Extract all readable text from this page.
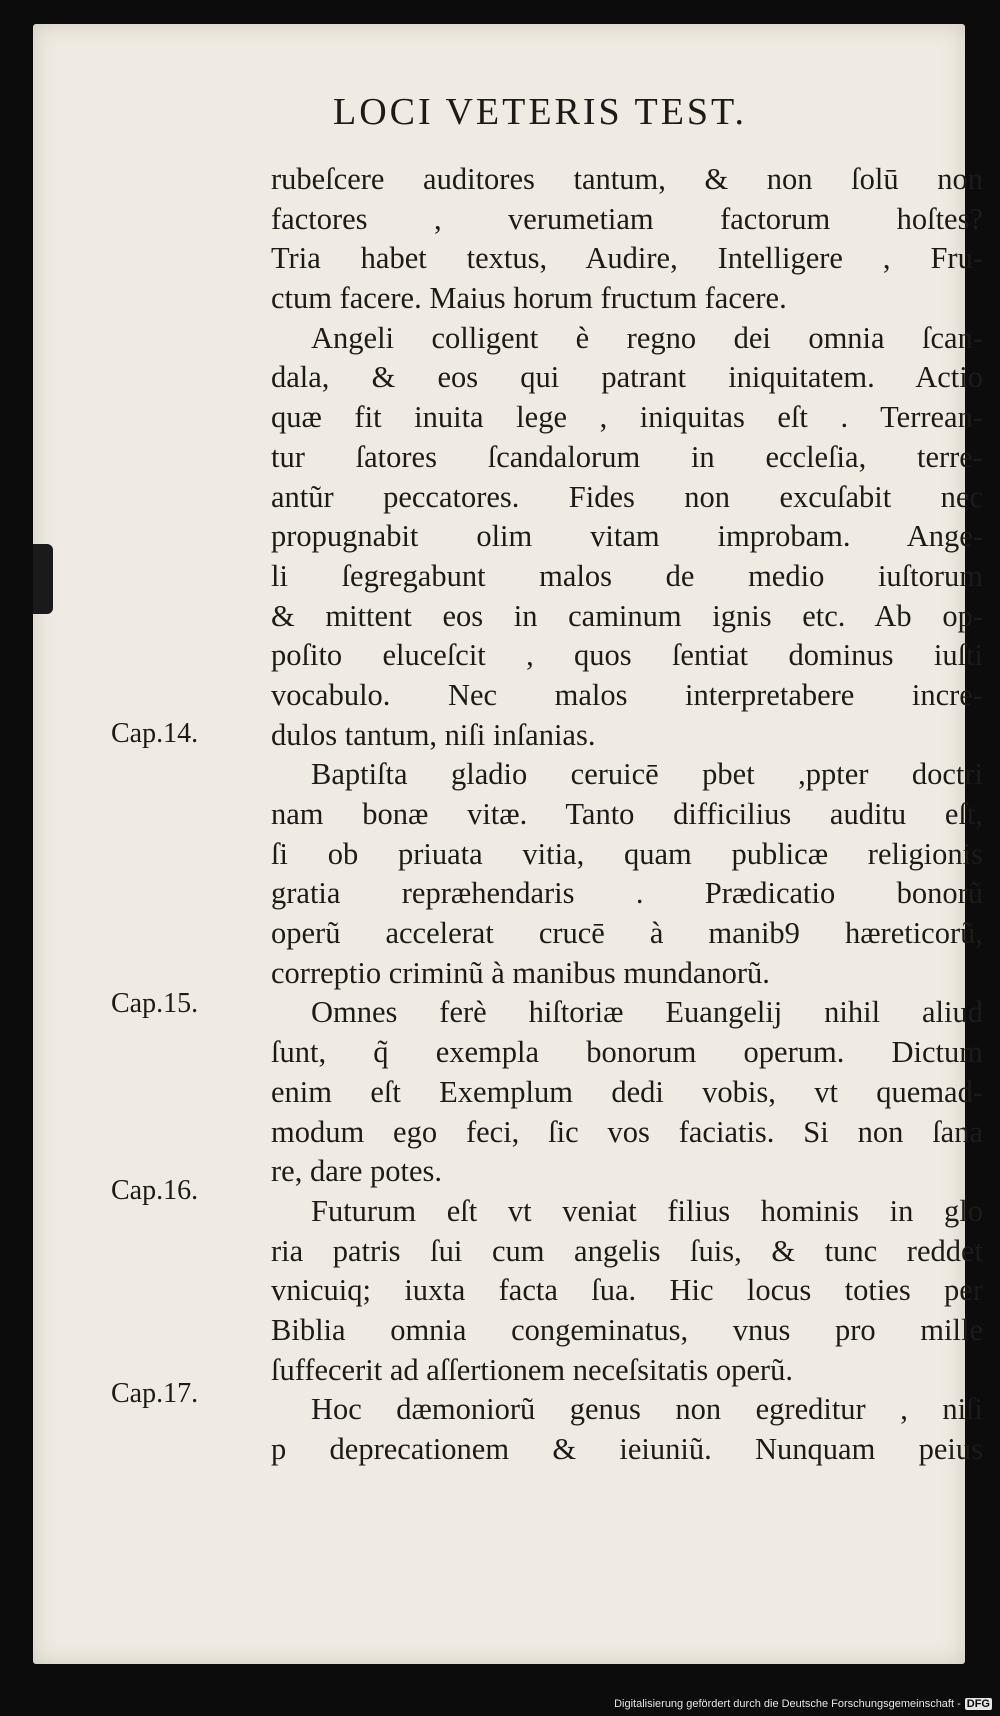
LOCI VETERIS TEST.
rubeſcere auditores tantum, & non ſolū non
factores , verumetiam factorum hoſtes?
Tria habet textus, Audire, Intelligere , Fru-
ctum facere. Maius horum fructum facere.
Angeli colligent è regno dei omnia ſcan-
dala, & eos qui patrant iniquitatem. Actio
quæ fit inuita lege , iniquitas eſt . Terrean-
tur ſatores ſcandalorum in eccleſia, terre-
antũr peccatores. Fides non excuſabit nec
propugnabit olim vitam improbam. Ange-
li ſegregabunt malos de medio iuſtorum
& mittent eos in caminum ignis etc. Ab op-
poſito eluceſcit , quos ſentiat dominus iuſti
vocabulo. Nec malos interpretabere incre-
dulos tantum, niſi inſanias.
Baptiſta gladio ceruicē pbet ,ppter doctri
nam bonæ vitæ. Tanto difficilius auditu eſt,
ſi ob priuata vitia, quam publicæ religionis
gratia repræhendaris . Prædicatio bonorũ
operũ accelerat crucē à manib9 hæreticorũ,
correptio criminũ à manibus mundanorũ.
Omnes ferè hiſtoriæ Euangelij nihil aliud
ſunt, q̃ exempla bonorum operum. Dictum
enim eſt Exemplum dedi vobis, vt quemad-
modum ego feci, ſic vos faciatis. Si non ſana
re, dare potes.
Futurum eſt vt veniat filius hominis in glo
ria patris ſui cum angelis ſuis, & tunc reddet
vnicuiq; iuxta facta ſua. Hic locus toties per
Biblia omnia congeminatus, vnus pro mille
ſuffecerit ad aſſertionem neceſsitatis operũ.
Hoc dæmoniorũ genus non egreditur , niſi
p deprecationem & ieiuniũ. Nunquam peius
Cap.14.
Cap.15.
Cap.16.
Cap.17.
Digitalisierung gefördert durch die Deutsche Forschungsgemeinschaft - DFG
